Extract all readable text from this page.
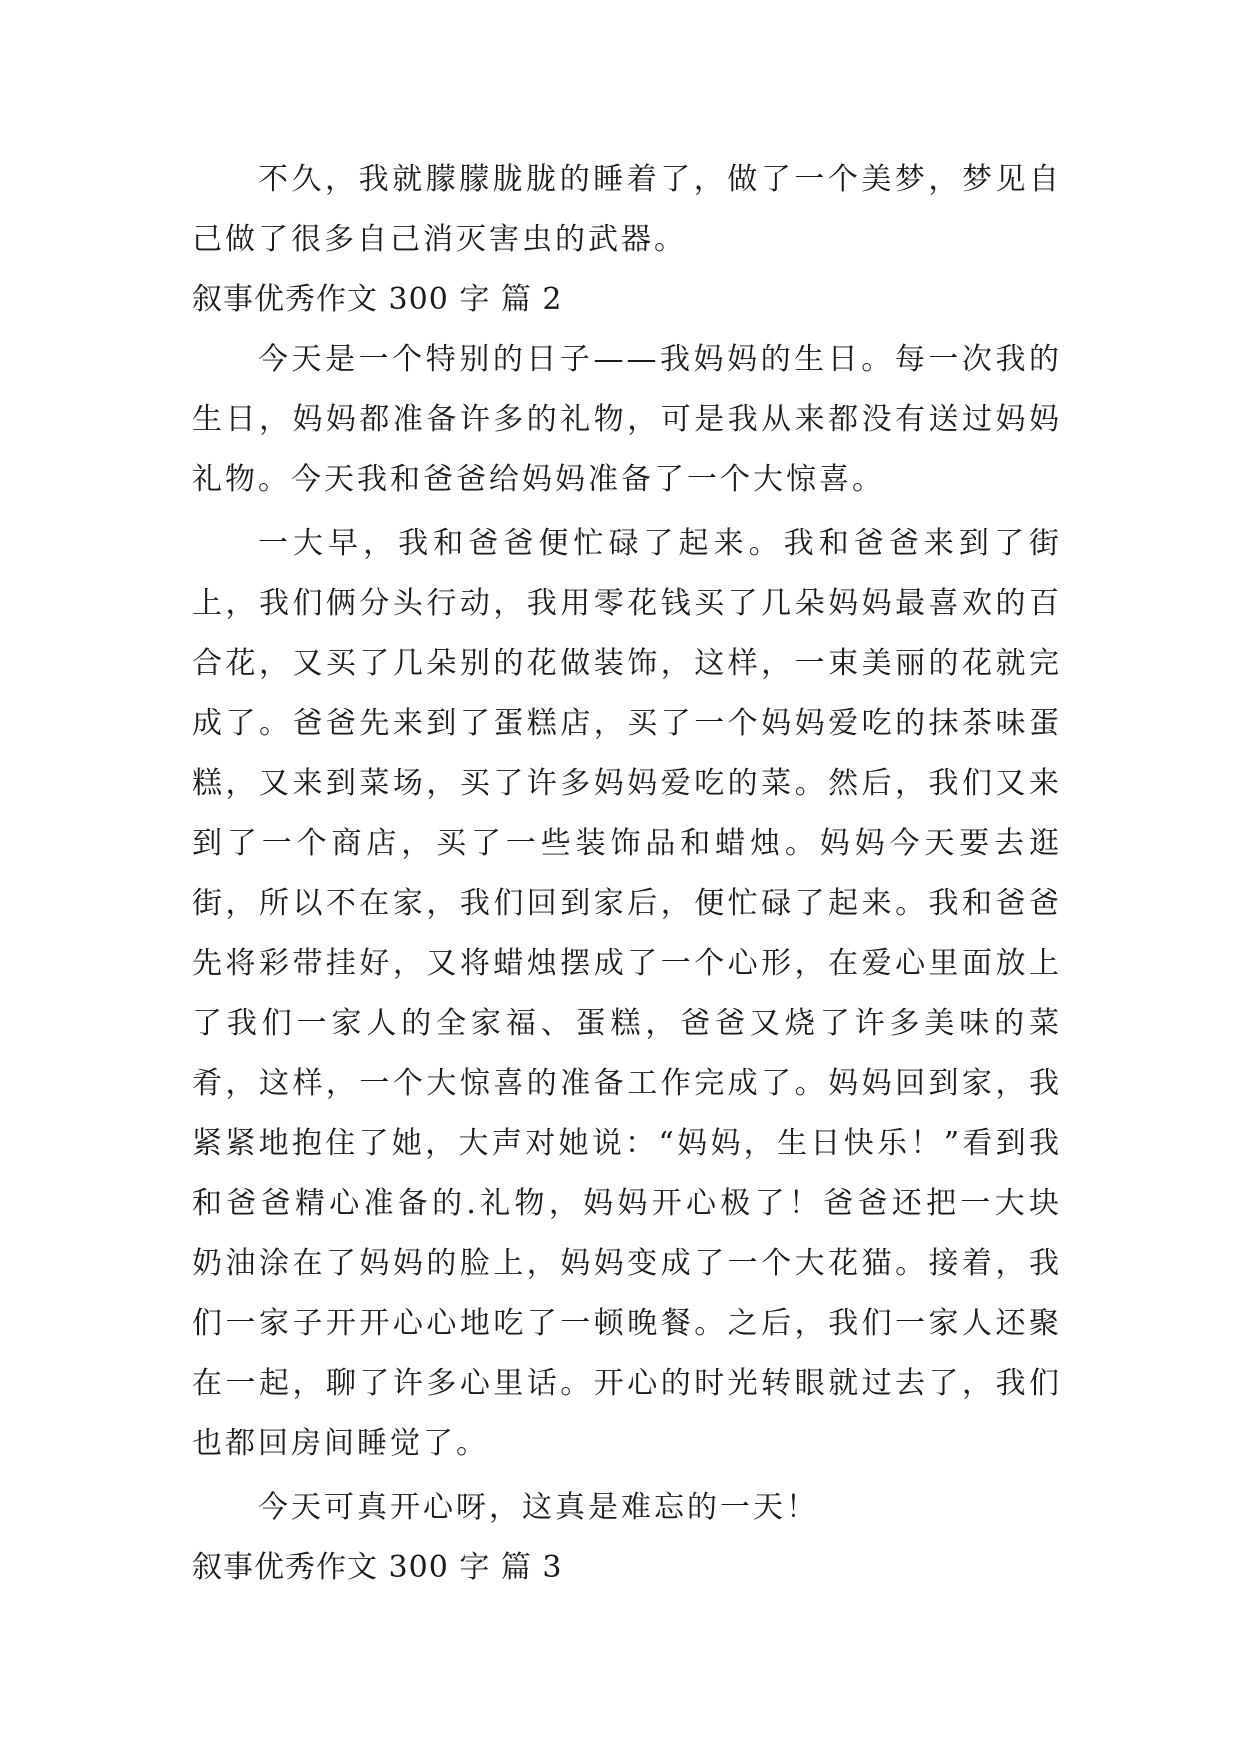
不久，我就朦朦胧胧的睡着了，做了一个美梦，梦见自己做了很多自己消灭害虫的武器。

叙事优秀作文 300 字 篇 2

今天是一个特别的日子——我妈妈的生日。每一次我的生日，妈妈都准备许多的礼物，可是我从来都没有送过妈妈礼物。今天我和爸爸给妈妈准备了一个大惊喜。

一大早，我和爸爸便忙碌了起来。我和爸爸来到了街上，我们俩分头行动，我用零花钱买了几朵妈妈最喜欢的百合花，又买了几朵别的花做装饰，这样，一束美丽的花就完成了。爸爸先来到了蛋糕店，买了一个妈妈爱吃的抹茶味蛋糕，又来到菜场，买了许多妈妈爱吃的菜。然后，我们又来到了一个商店，买了一些装饰品和蜡烛。妈妈今天要去逛街，所以不在家，我们回到家后，便忙碌了起来。我和爸爸先将彩带挂好，又将蜡烛摆成了一个心形，在爱心里面放上了我们一家人的全家福、蛋糕，爸爸又烧了许多美味的菜肴，这样，一个大惊喜的准备工作完成了。妈妈回到家，我紧紧地抱住了她，大声对她说：“妈妈，生日快乐！”看到我和爸爸精心准备的.礼物，妈妈开心极了！爸爸还把一大块奶油涂在了妈妈的脸上，妈妈变成了一个大花猫。接着，我们一家子开开心心地吃了一顿晚餐。之后，我们一家人还聚在一起，聊了许多心里话。开心的时光转眼就过去了，我们也都回房间睡觉了。

今天可真开心呀，这真是难忘的一天！

叙事优秀作文 300 字 篇 3
